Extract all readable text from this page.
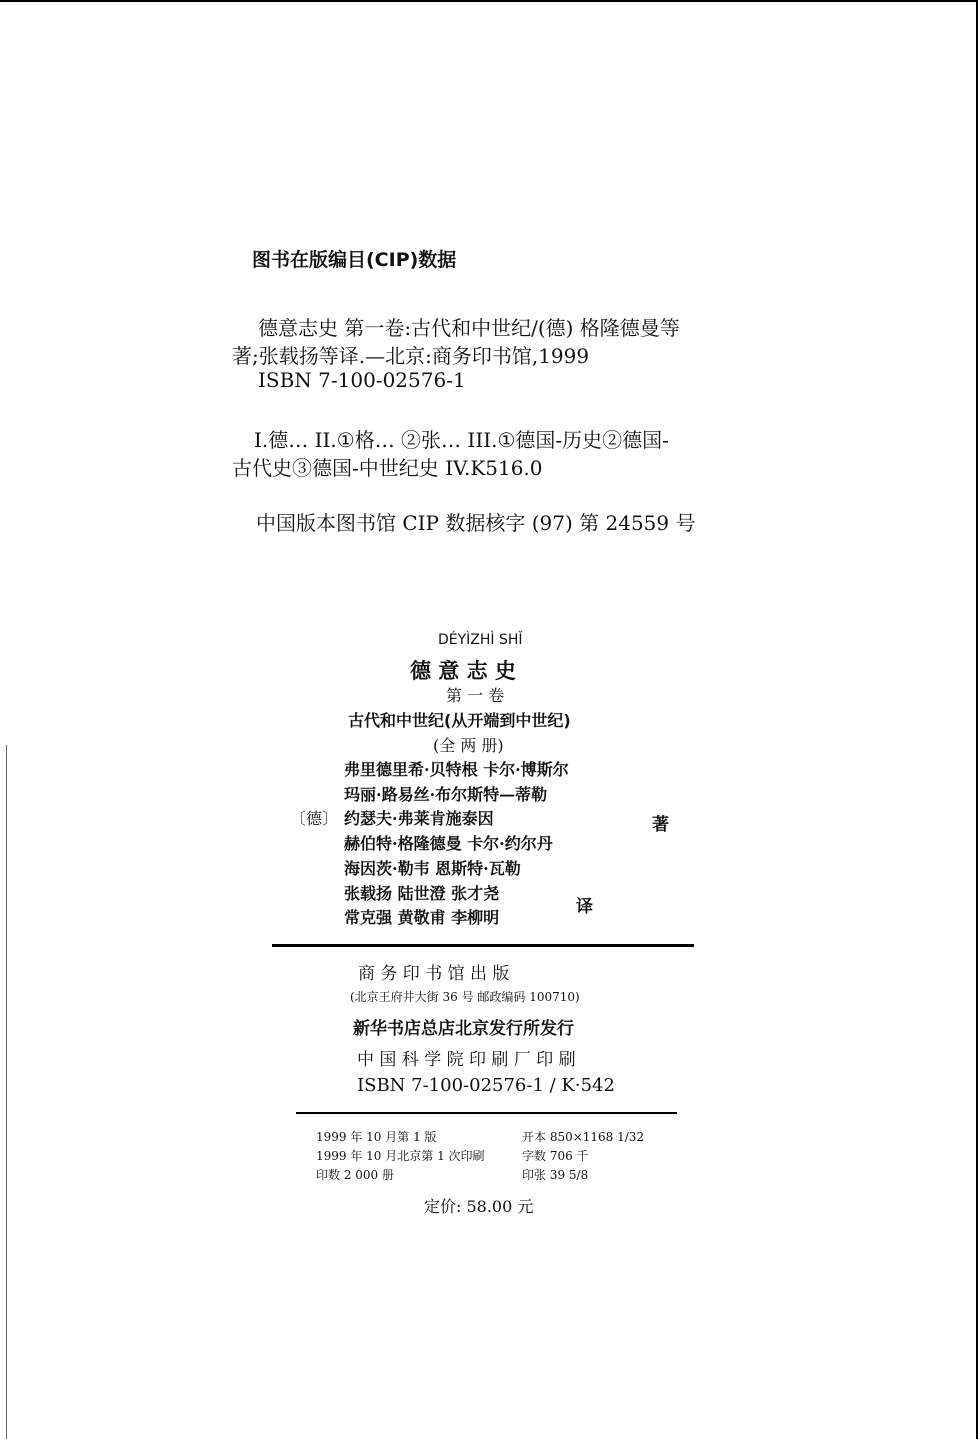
图书在版编目(CIP)数据
德意志史 第一卷:古代和中世纪/(德) 格隆德曼等
著;张载扬等译.—北京:商务印书馆,1999
ISBN 7-100-02576-1
I.德… II.①格… ②张… III.①德国-历史②德国-
古代史③德国-中世纪史 IV.K516.0
中国版本图书馆 CIP 数据核字 (97) 第 24559 号
DÉYÌZHÌ SHǏ
德 意 志 史
第 一 卷
古代和中世纪(从开端到中世纪)
(全 两 册)
弗里德里希·贝特根 卡尔·博斯尔
玛丽·路易丝·布尔斯特—蒂勒
〔德〕 约瑟夫·弗莱肯施泰因	著
赫伯特·格隆德曼 卡尔·约尔丹
海因茨·勒韦 恩斯特·瓦勒
张载扬 陆世澄 张才尧
常克强 黄敬甫 李柳明
译
商 务 印 书 馆 出 版
(北京王府井大街 36 号 邮政编码 100710)
新华书店总店北京发行所发行
中 国 科 学 院 印 刷 厂 印 刷
ISBN 7-100-02576-1 / K·542
1999 年 10 月第 1 版	开本 850×1168 1/32
1999 年 10 月北京第 1 次印刷	字数 706 千
印数 2 000 册	印张 39 5/8
定价: 58.00 元
